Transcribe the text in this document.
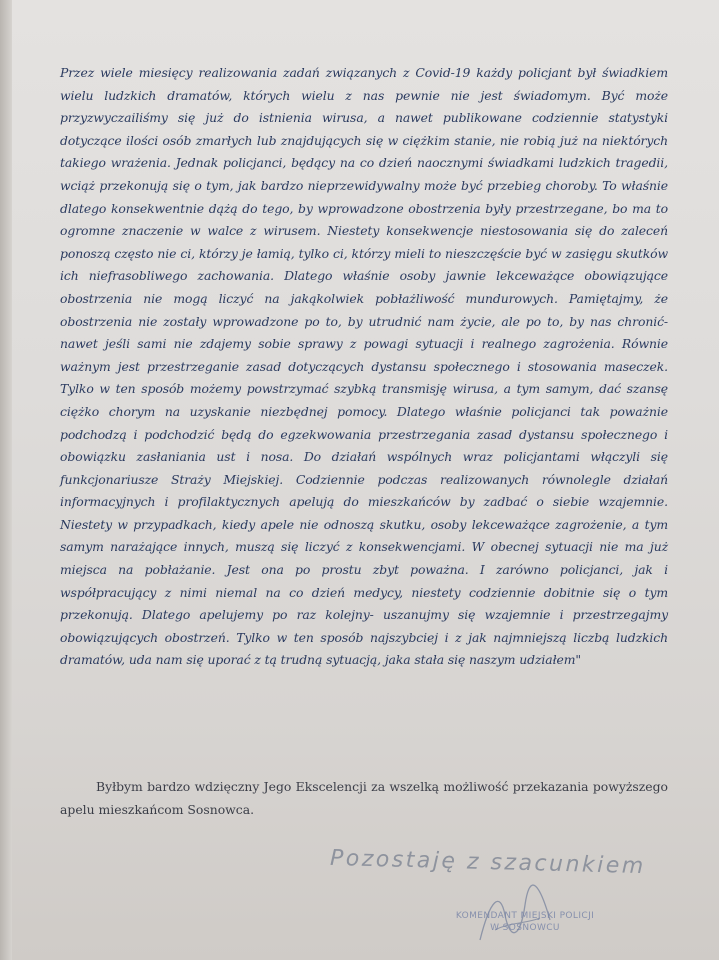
Przez wiele miesięcy realizowania zadań związanych z Covid-19 każdy policjant był świadkiem wielu ludzkich dramatów, których wielu z nas pewnie nie jest świadomym. Być może przyzwyczailiśmy się już do istnienia wirusa, a nawet publikowane codziennie statystyki dotyczące ilości osób zmarłych lub znajdujących się w ciężkim stanie, nie robią już na niektórych takiego wrażenia. Jednak policjanci, będący na co dzień naocznymi świadkami ludzkich tragedii, wciąż przekonują się o tym, jak bardzo nieprzewidywalny może być przebieg choroby. To właśnie dlatego konsekwentnie dążą do tego, by wprowadzone obostrzenia były przestrzegane, bo ma to ogromne znaczenie w walce z wirusem. Niestety konsekwencje niestosowania się do zaleceń ponoszą często nie ci, którzy je łamią, tylko ci, którzy mieli to nieszczęście być w zasięgu skutków ich niefrasobliwego zachowania. Dlatego właśnie osoby jawnie lekceważące obowiązujące obostrzenia nie mogą liczyć na jakąkolwiek pobłażliwość mundurowych. Pamiętajmy, że obostrzenia nie zostały wprowadzone po to, by utrudnić nam życie, ale po to, by nas chronić- nawet jeśli sami nie zdajemy sobie sprawy z powagi sytuacji i realnego zagrożenia. Równie ważnym jest przestrzeganie zasad dotyczących dystansu społecznego i stosowania maseczek. Tylko w ten sposób możemy powstrzymać szybką transmisję wirusa, a tym samym, dać szansę ciężko chorym na uzyskanie niezbędnej pomocy. Dlatego właśnie policjanci tak poważnie podchodzą i podchodzić będą do egzekwowania przestrzegania zasad dystansu społecznego i obowiązku zasłaniania ust i nosa. Do działań wspólnych wraz policjantami włączyli się funkcjonariusze Straży Miejskiej. Codziennie podczas realizowanych równolegle działań informacyjnych i profilaktycznych apelują do mieszkańców by zadbać o siebie wzajemnie. Niestety w przypadkach, kiedy apele nie odnoszą skutku, osoby lekceważące zagrożenie, a tym samym narażające innych, muszą się liczyć z konsekwencjami. W obecnej sytuacji nie ma już miejsca na pobłażanie. Jest ona po prostu zbyt poważna. I zarówno policjanci, jak i współpracujący z nimi niemal na co dzień medycy, niestety codziennie dobitnie się o tym przekonują. Dlatego apelujemy po raz kolejny- uszanujmy się wzajemnie i przestrzegajmy obowiązujących obostrzeń. Tylko w ten sposób najszybciej i z jak najmniejszą liczbą ludzkich dramatów, uda nam się uporać z tą trudną sytuacją, jaka stała się naszym udziałem"

Byłbym bardzo wdzięczny Jego Ekscelencji za wszelką możliwość przekazania powyższego apelu mieszkańcom Sosnowca.

Pozostaję z szacunkiem
KOMENDANT MIEJSKI POLICJI
W SOSNOWCU
